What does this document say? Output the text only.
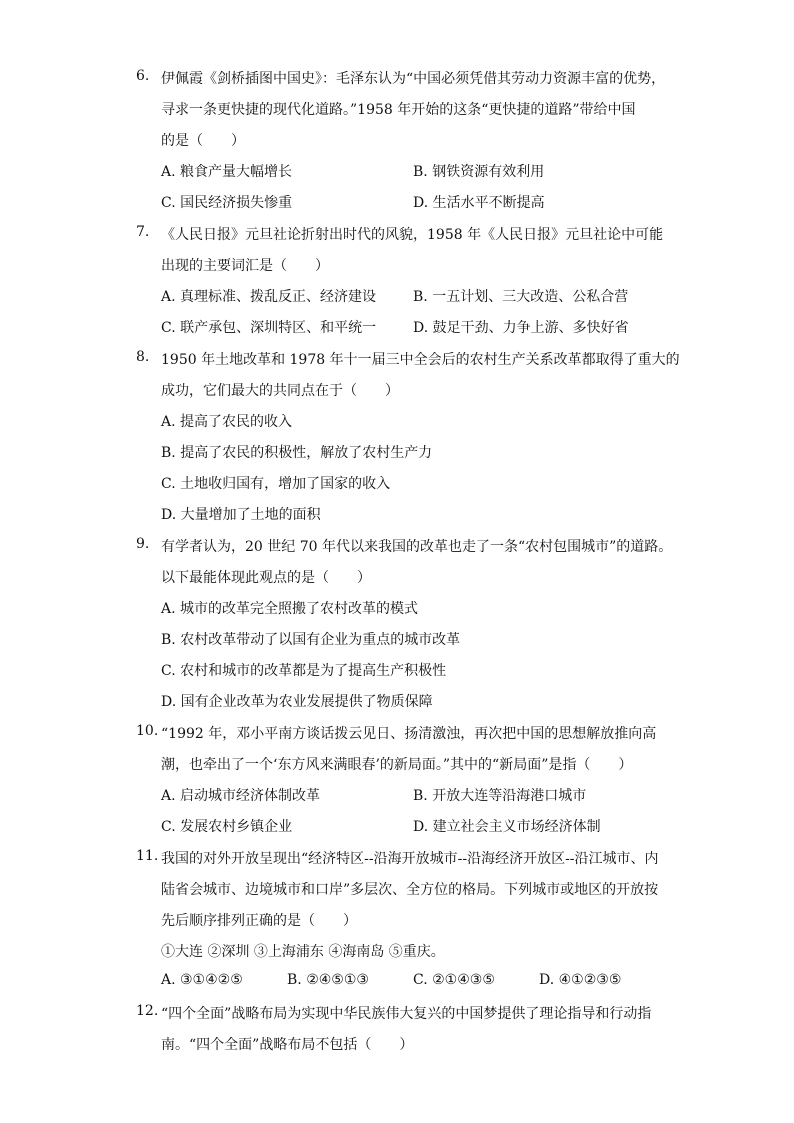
6. 伊佩霞《剑桥插图中国史》：毛泽东认为“中国必须凭借其劳动力资源丰富的优势，
寻求一条更快捷的现代化道路。”1958 年开始的这条“更快捷的道路”带给中国
的是（　　）
A. 粮食产量大幅增长	B. 钢铁资源有效利用
C. 国民经济损失惨重	D. 生活水平不断提高
7. 《人民日报》元旦社论折射出时代的风貌，1958 年《人民日报》元旦社论中可能
出现的主要词汇是（　　）
A. 真理标准、拨乱反正、经济建设	B. 一五计划、三大改造、公私合营
C. 联产承包、深圳特区、和平统一	D. 鼓足干劲、力争上游、多快好省
8. 1950 年土地改革和 1978 年十一届三中全会后的农村生产关系改革都取得了重大的
成功，它们最大的共同点在于（　　）
A. 提高了农民的收入
B. 提高了农民的积极性，解放了农村生产力
C. 土地收归国有，增加了国家的收入
D. 大量增加了土地的面积
9. 有学者认为，20 世纪 70 年代以来我国的改革也走了一条“农村包围城市”的道路。
以下最能体现此观点的是（　　）
A. 城市的改革完全照搬了农村改革的模式
B. 农村改革带动了以国有企业为重点的城市改革
C. 农村和城市的改革都是为了提高生产积极性
D. 国有企业改革为农业发展提供了物质保障
10. “1992 年，邓小平南方谈话拨云见日、扬清激浊，再次把中国的思想解放推向高
潮，也牵出了一个‘东方风来满眼春’的新局面。”其中的“新局面”是指（　　）
A. 启动城市经济体制改革	B. 开放大连等沿海港口城市
C. 发展农村乡镇企业	D. 建立社会主义市场经济体制
11. 我国的对外开放呈现出“经济特区--沿海开放城市--沿海经济开放区--沿江城市、内
陆省会城市、边境城市和口岸”多层次、全方位的格局。下列城市或地区的开放按
先后顺序排列正确的是（　　）
①大连 ②深圳 ③上海浦东 ④海南岛 ⑤重庆。
A. ③①④②⑤	B. ②④⑤①③	C. ②①④③⑤	D. ④①②③⑤
12. “四个全面”战略布局为实现中华民族伟大复兴的中国梦提供了理论指导和行动指
南。“四个全面”战略布局不包括（　　）
